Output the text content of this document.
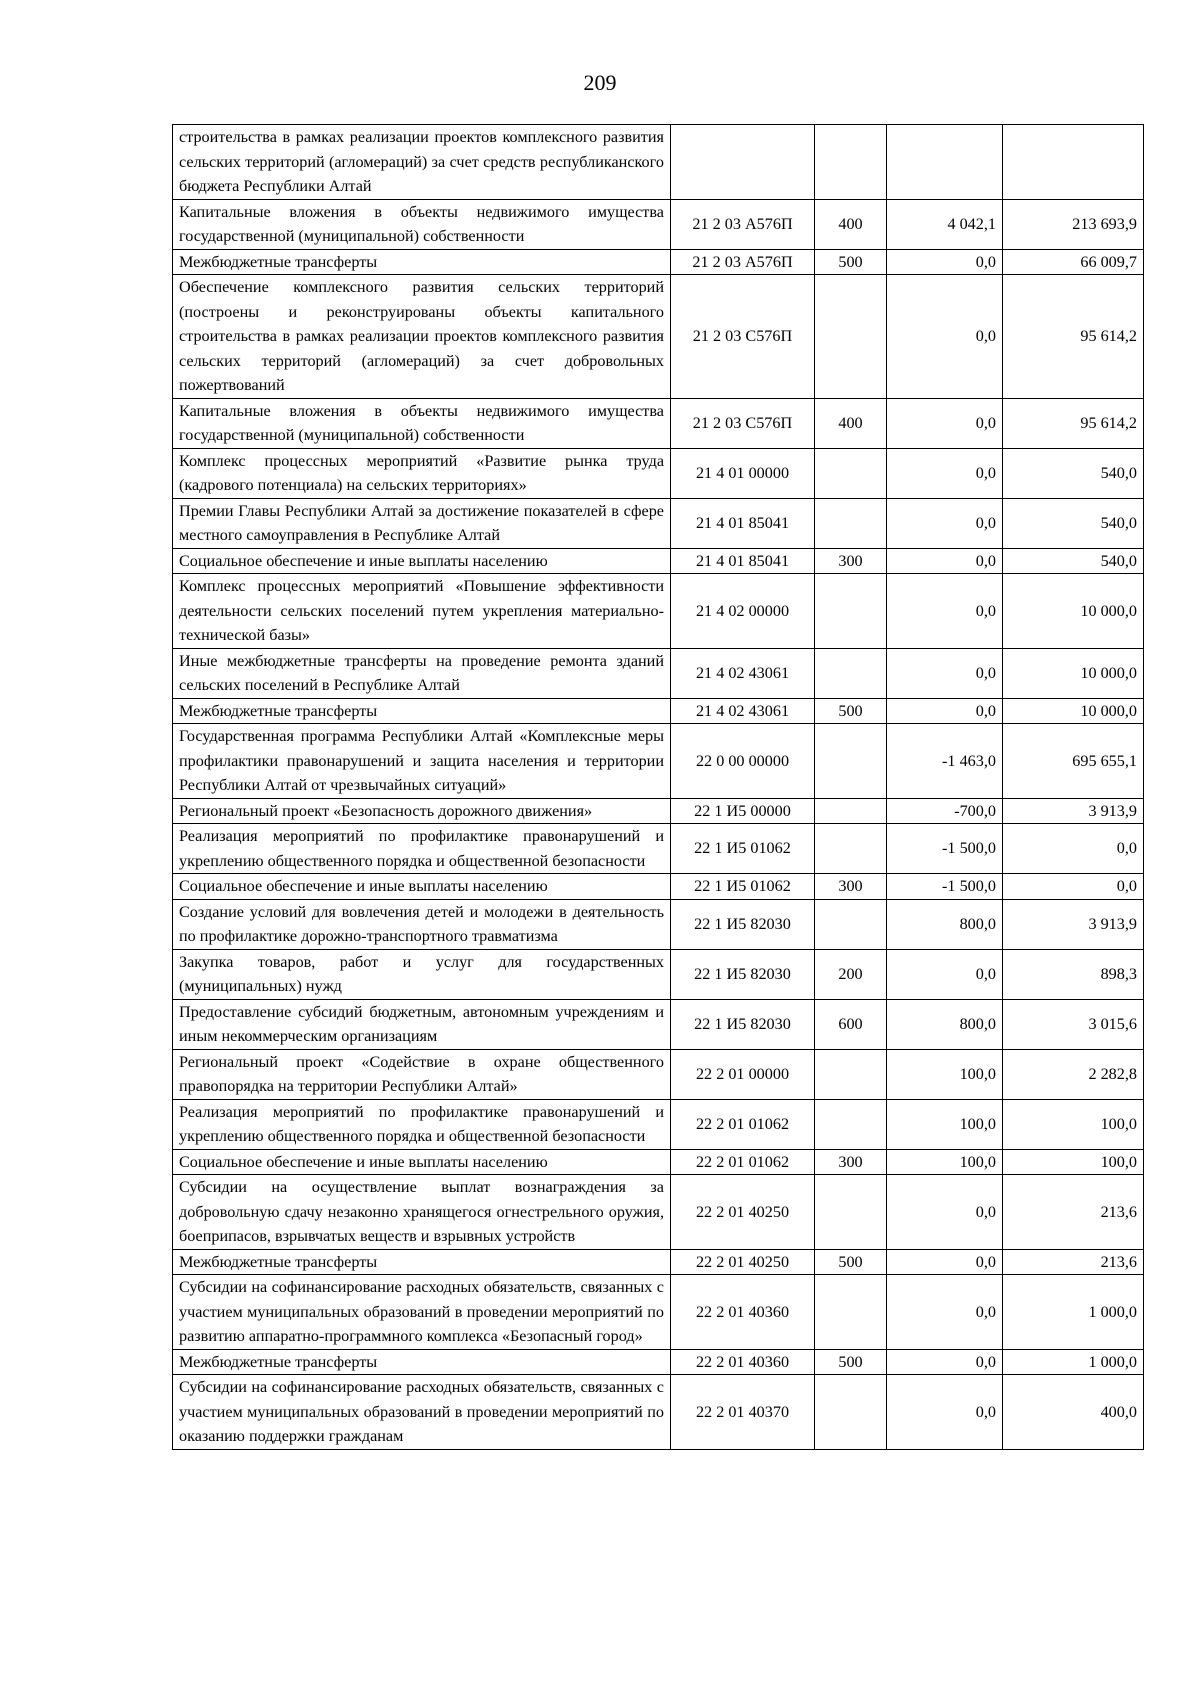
209
строительства в рамках реализации проектов комплексного развития сельских территорий (агломераций) за счет средств республиканского бюджета Республики Алтай				
Капитальные вложения в объекты недвижимого имущества государственной (муниципальной) собственности	21 2 03 А576П	400	4 042,1	213 693,9
Межбюджетные трансферты	21 2 03 А576П	500	0,0	66 009,7
Обеспечение комплексного развития сельских территорий (построены и реконструированы объекты капитального строительства в рамках реализации проектов комплексного развития сельских территорий (агломераций) за счет добровольных пожертвований	21 2 03 С576П		0,0	95 614,2
Капитальные вложения в объекты недвижимого имущества государственной (муниципальной) собственности	21 2 03 С576П	400	0,0	95 614,2
Комплекс процессных мероприятий «Развитие рынка труда (кадрового потенциала) на сельских территориях»	21 4 01 00000		0,0	540,0
Премии Главы Республики Алтай за достижение показателей в сфере местного самоуправления в Республике Алтай	21 4 01 85041		0,0	540,0
Социальное обеспечение и иные выплаты населению	21 4 01 85041	300	0,0	540,0
Комплекс процессных мероприятий «Повышение эффективности деятельности сельских поселений путем укрепления материально-технической базы»	21 4 02 00000		0,0	10 000,0
Иные межбюджетные трансферты на проведение ремонта зданий сельских поселений в Республике Алтай	21 4 02 43061		0,0	10 000,0
Межбюджетные трансферты	21 4 02 43061	500	0,0	10 000,0
Государственная программа Республики Алтай «Комплексные меры профилактики правонарушений и защита населения и территории Республики Алтай от чрезвычайных ситуаций»	22 0 00 00000		-1 463,0	695 655,1
Региональный проект «Безопасность дорожного движения»	22 1 И5 00000		-700,0	3 913,9
Реализация мероприятий по профилактике правонарушений и укреплению общественного порядка и общественной безопасности	22 1 И5 01062		-1 500,0	0,0
Социальное обеспечение и иные выплаты населению	22 1 И5 01062	300	-1 500,0	0,0
Создание условий для вовлечения детей и молодежи в деятельность по профилактике дорожно-транспортного травматизма	22 1 И5 82030		800,0	3 913,9
Закупка товаров, работ и услуг для государственных (муниципальных) нужд	22 1 И5 82030	200	0,0	898,3
Предоставление субсидий бюджетным, автономным учреждениям и иным некоммерческим организациям	22 1 И5 82030	600	800,0	3 015,6
Региональный проект «Содействие в охране общественного правопорядка на территории Республики Алтай»	22 2 01 00000		100,0	2 282,8
Реализация мероприятий по профилактике правонарушений и укреплению общественного порядка и общественной безопасности	22 2 01 01062		100,0	100,0
Социальное обеспечение и иные выплаты населению	22 2 01 01062	300	100,0	100,0
Субсидии на осуществление выплат вознаграждения за добровольную сдачу незаконно хранящегося огнестрельного оружия, боеприпасов, взрывчатых веществ и взрывных устройств	22 2 01 40250		0,0	213,6
Межбюджетные трансферты	22 2 01 40250	500	0,0	213,6
Субсидии на софинансирование расходных обязательств, связанных с участием муниципальных образований в проведении мероприятий по развитию аппаратно-программного комплекса «Безопасный город»	22 2 01 40360		0,0	1 000,0
Межбюджетные трансферты	22 2 01 40360	500	0,0	1 000,0
Субсидии на софинансирование расходных обязательств, связанных с участием муниципальных образований в проведении мероприятий по оказанию поддержки гражданам	22 2 01 40370		0,0	400,0
